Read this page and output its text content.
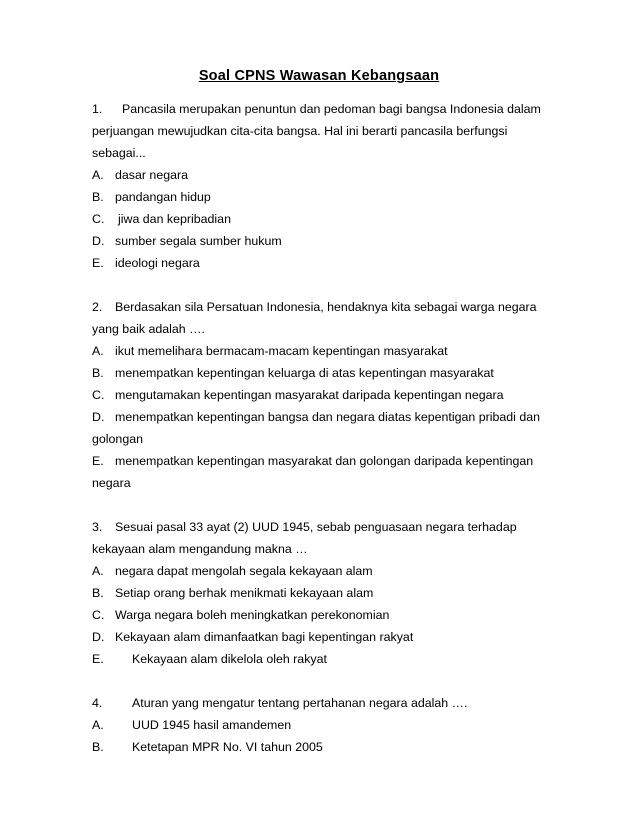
Soal CPNS Wawasan Kebangsaan
1. Pancasila merupakan penuntun dan pedoman bagi bangsa Indonesia dalam
perjuangan mewujudkan cita-cita bangsa. Hal ini berarti pancasila berfungsi
sebagai...
A. dasar negara
B. pandangan hidup
C. jiwa dan kepribadian
D. sumber segala sumber hukum
E. ideologi negara
2. Berdasakan sila Persatuan Indonesia, hendaknya kita sebagai warga negara
yang baik adalah ….
A. ikut memelihara bermacam-macam kepentingan masyarakat
B. menempatkan kepentingan keluarga di atas kepentingan masyarakat
C. mengutamakan kepentingan masyarakat daripada kepentingan negara
D. menempatkan kepentingan bangsa dan negara diatas kepentigan pribadi dan
golongan
E. menempatkan kepentingan masyarakat dan golongan daripada kepentingan
negara
3. Sesuai pasal 33 ayat (2) UUD 1945, sebab penguasaan negara terhadap
kekayaan alam mengandung makna …
A. negara dapat mengolah segala kekayaan alam
B. Setiap orang berhak menikmati kekayaan alam
C. Warga negara boleh meningkatkan perekonomian
D. Kekayaan alam dimanfaatkan bagi kepentingan rakyat
E. Kekayaan alam dikelola oleh rakyat
4. Aturan yang mengatur tentang pertahanan negara adalah ….
A. UUD 1945 hasil amandemen
B. Ketetapan MPR No. VI tahun 2005
